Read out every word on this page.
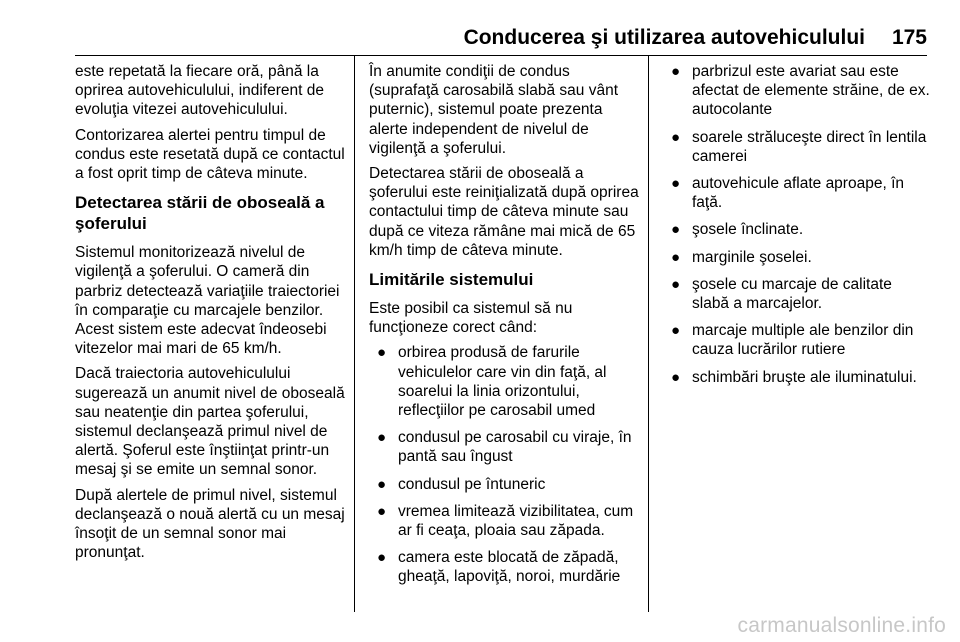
Conducerea şi utilizarea autovehiculului 175

este repetată la fiecare oră, până la oprirea autovehiculului, indiferent de evoluţia vitezei autovehiculului.

Contorizarea alertei pentru timpul de condus este resetată după ce contactul a fost oprit timp de câteva minute.

Detectarea stării de oboseală a şoferului

Sistemul monitorizează nivelul de vigilenţă a şoferului. O cameră din parbriz detectează variaţiile traiectoriei în comparaţie cu marcajele benzilor. Acest sistem este adecvat îndeosebi vitezelor mai mari de 65 km/h.

Dacă traiectoria autovehiculului sugerează un anumit nivel de oboseală sau neatenţie din partea şoferului, sistemul declanşează primul nivel de alertă. Şoferul este înştiinţat printr-un mesaj şi se emite un semnal sonor.

După alertele de primul nivel, sistemul declanşează o nouă alertă cu un mesaj însoţit de un semnal sonor mai pronunţat.

În anumite condiţii de condus (suprafaţă carosabilă slabă sau vânt puternic), sistemul poate prezenta alerte independent de nivelul de vigilenţă a şoferului.

Detectarea stării de oboseală a şoferului este reiniţializată după oprirea contactului timp de câteva minute sau după ce viteza rămâne mai mică de 65 km/h timp de câteva minute.

Limitările sistemului

Este posibil ca sistemul să nu funcţioneze corect când:

● orbirea produsă de farurile vehiculelor care vin din faţă, al soarelui la linia orizontului, reflecţiilor pe carosabil umed
● condusul pe carosabil cu viraje, în pantă sau îngust
● condusul pe întuneric
● vremea limitează vizibilitatea, cum ar fi ceaţa, ploaia sau zăpada.
● camera este blocată de zăpadă, gheaţă, lapoviţă, noroi, murdărie
● parbrizul este avariat sau este afectat de elemente străine, de ex. autocolante
● soarele străluceşte direct în lentila camerei
● autovehicule aflate aproape, în faţă.
● şosele înclinate.
● marginile şoselei.
● şosele cu marcaje de calitate slabă a marcajelor.
● marcaje multiple ale benzilor din cauza lucrărilor rutiere
● schimbări bruşte ale iluminatului.
carmanualsonline.info
